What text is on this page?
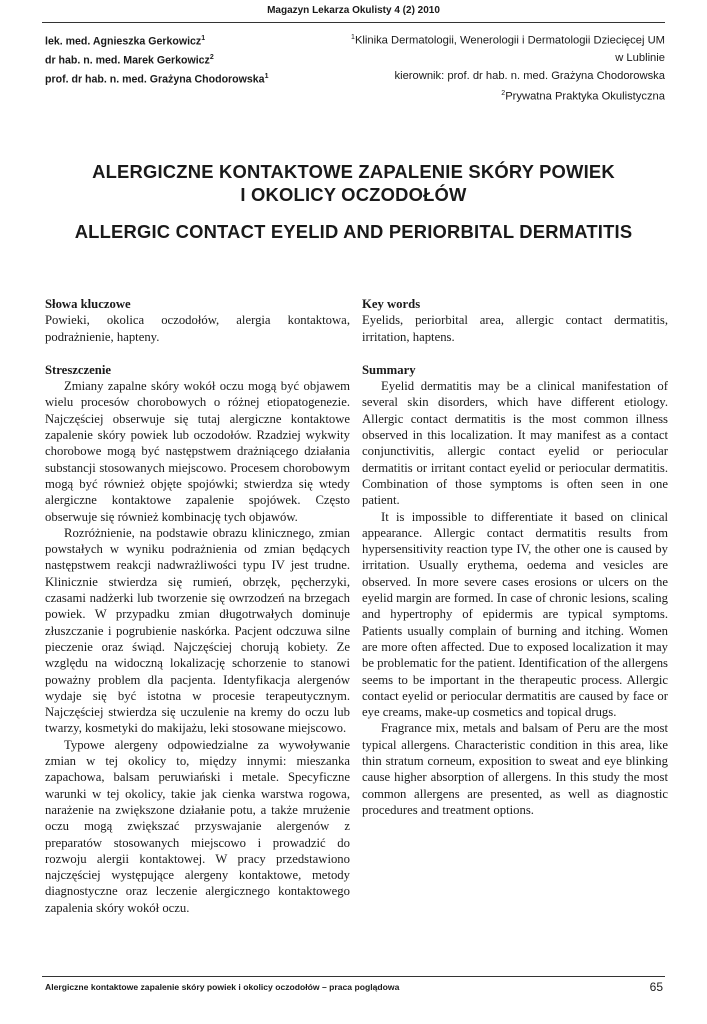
Magazyn Lekarza Okulisty 4 (2) 2010
lek. med. Agnieszka Gerkowicz$^1$
dr hab. n. med. Marek Gerkowicz$^2$
prof. dr hab. n. med. Grażyna Chodorowska$^1$
$^1$Klinika Dermatologii, Wenerologii i Dermatologii Dziecięcej UM
w Lublinie
kierownik: prof. dr hab. n. med. Grażyna Chodorowska
$^2$Prywatna Praktyka Okulistyczna
ALERGICZNE KONTAKTOWE ZAPALENIE SKÓRY POWIEK
I OKOLICY OCZODOŁÓW
ALLERGIC CONTACT EYELID AND PERIORBITAL DERMATITIS
Słowa kluczowe

Powieki, okolica oczodołów, alergia kontaktowa, podrażnienie, hapteny.

Streszczenie

Zmiany zapalne skóry wokół oczu mogą być objawem wielu procesów chorobowych o różnej etiopatogenezie. Najczęściej obserwuje się tutaj alergiczne kontaktowe zapalenie skóry powiek lub oczodołów. Rzadziej wykwity chorobowe mogą być następstwem drażniącego działania substancji stosowanych miejscowo. Procesem chorobowym mogą być również objęte spojówki; stwierdza się wtedy alergiczne kontaktowe zapalenie spojówek. Często obserwuje się również kombinację tych objawów.

Rozróżnienie, na podstawie obrazu klinicznego, zmian powstałych w wyniku podrażnienia od zmian będących następstwem reakcji nadwrażliwości typu IV jest trudne. Klinicznie stwierdza się rumień, obrzęk, pęcherzyki, czasami nadżerki lub tworzenie się owrzodzeń na brzegach powiek. W przypadku zmian długotrwałych dominuje złuszczanie i pogrubienie naskórka. Pacjent odczuwa silne pieczenie oraz świąd. Najczęściej chorują kobiety. Ze względu na widoczną lokalizację schorzenie to stanowi poważny problem dla pacjenta. Identyfikacja alergenów wydaje się być istotna w procesie terapeutycznym. Najczęściej stwierdza się uczulenie na kremy do oczu lub twarzy, kosmetyki do makijażu, leki stosowane miejscowo.

Typowe alergeny odpowiedzialne za wywoływanie zmian w tej okolicy to, między innymi: mieszanka zapachowa, balsam peruwiański i metale. Specyficzne warunki w tej okolicy, takie jak cienka warstwa rogowa, narażenie na zwiększone działanie potu, a także mrużenie oczu mogą zwiększać przyswajanie alergenów z preparatów stosowanych miejscowo i prowadzić do rozwoju alergii kontaktowej. W pracy przedstawiono najczęściej występujące alergeny kontaktowe, metody diagnostyczne oraz leczenie alergicznego kontaktowego zapalenia skóry wokół oczu.

Key words

Eyelids, periorbital area, allergic contact dermatitis, irritation, haptens.

Summary

Eyelid dermatitis may be a clinical manifestation of several skin disorders, which have different etiology. Allergic contact dermatitis is the most common illness observed in this localization. It may manifest as a contact conjunctivitis, allergic contact eyelid or periocular dermatitis or irritant contact eyelid or periocular dermatitis. Combination of those symptoms is often seen in one patient.

It is impossible to differentiate it based on clinical appearance. Allergic contact dermatitis results from hypersensitivity reaction type IV, the other one is caused by irritation. Usually erythema, oedema and vesicles are observed. In more severe cases erosions or ulcers on the eyelid margin are formed. In case of chronic lesions, scaling and hypertrophy of epidermis are typical symptoms. Patients usually complain of burning and itching. Women are more often affected. Due to exposed localization it may be problematic for the patient. Identification of the allergens seems to be important in the therapeutic process. Allergic contact eyelid or periocular dermatitis are caused by face or eye creams, make-up cosmetics and topical drugs.

Fragrance mix, metals and balsam of Peru are the most typical allergens. Characteristic condition in this area, like thin stratum corneum, exposition to sweat and eye blinking cause higher absorption of allergens. In this study the most common allergens are presented, as well as diagnostic procedures and treatment options.

Alergiczne kontaktowe zapalenie skóry powiek i okolicy oczodołów – praca poglądowa	65
